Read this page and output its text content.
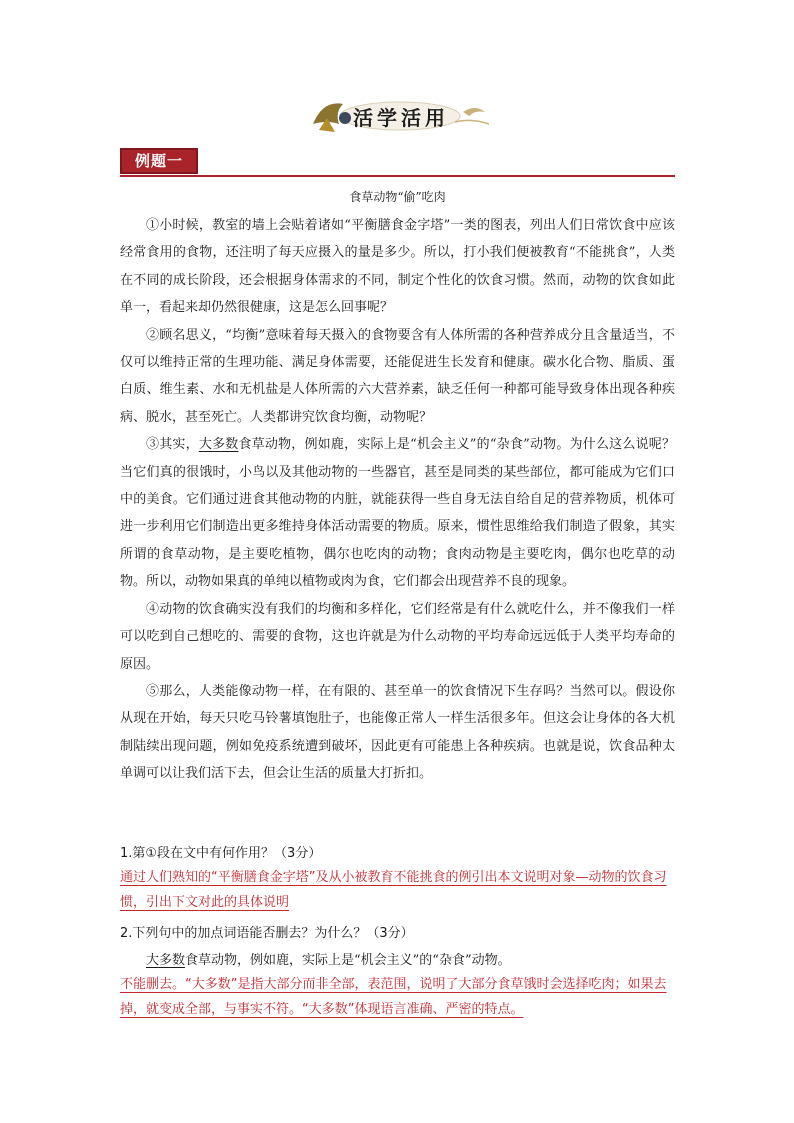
活学活用
例题一
食草动物“偷”吃肉

①小时候，教室的墙上会贴着诸如“平衡膳食金字塔”一类的图表，列出人们日常饮食中应该经常食用的食物，还注明了每天应摄入的量是多少。所以，打小我们便被教育“不能挑食”，人类在不同的成长阶段，还会根据身体需求的不同，制定个性化的饮食习惯。然而，动物的饮食如此单一，看起来却仍然很健康，这是怎么回事呢？

②顾名思义，“均衡”意味着每天摄入的食物要含有人体所需的各种营养成分且含量适当，不仅可以维持正常的生理功能、满足身体需要，还能促进生长发育和健康。碳水化合物、脂质、蛋白质、维生素、水和无机盐是人体所需的六大营养素，缺乏任何一种都可能导致身体出现各种疾病、脱水，甚至死亡。人类都讲究饮食均衡，动物呢？

③其实，大多数食草动物，例如鹿，实际上是“机会主义”的“杂食”动物。为什么这么说呢？当它们真的很饿时，小鸟以及其他动物的一些器官，甚至是同类的某些部位，都可能成为它们口中的美食。它们通过进食其他动物的内脏，就能获得一些自身无法自给自足的营养物质，机体可进一步利用它们制造出更多维持身体活动需要的物质。原来，惯性思维给我们制造了假象，其实所谓的食草动物，是主要吃植物，偶尔也吃肉的动物；食肉动物是主要吃肉，偶尔也吃草的动物。所以，动物如果真的单纯以植物或肉为食，它们都会出现营养不良的现象。

④动物的饮食确实没有我们的均衡和多样化，它们经常是有什么就吃什么，并不像我们一样可以吃到自己想吃的、需要的食物，这也许就是为什么动物的平均寿命远远低于人类平均寿命的原因。

⑤那么，人类能像动物一样，在有限的、甚至单一的饮食情况下生存吗？当然可以。假设你从现在开始，每天只吃马铃薯填饱肚子，也能像正常人一样生活很多年。但这会让身体的各大机制陆续出现问题，例如免疫系统遭到破坏，因此更有可能患上各种疾病。也就是说，饮食品种太单调可以让我们活下去，但会让生活的质量大打折扣。

1.第①段在文中有何作用？（3分）
通过人们熟知的“平衡膳食金字塔”及从小被教育不能挑食的例引出本文说明对象—动物的饮食习惯，引出下文对此的具体说明
2.下列句中的加点词语能否删去？为什么？（3分）
大多数食草动物，例如鹿，实际上是“机会主义”的“杂食”动物。
不能删去。“大多数”是指大部分而非全部，表范围，说明了大部分食草饿时会选择吃肉；如果去掉，就变成全部，与事实不符。“大多数”体现语言准确、严密的特点。
